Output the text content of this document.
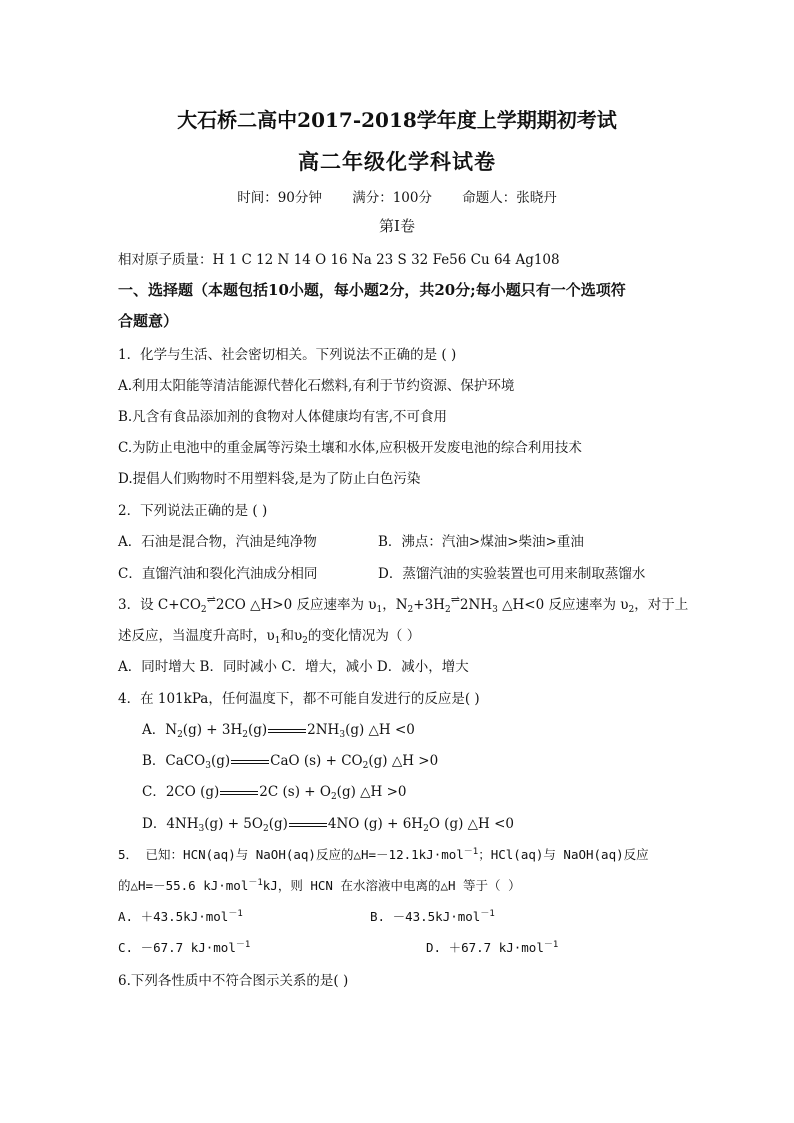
大石桥二高中2017-2018学年度上学期期初考试
高二年级化学科试卷
时间：90分钟 满分：100分 命题人：张晓丹
第Ⅰ卷
相对原子质量：H 1 C 12 N 14 O 16 Na 23 S 32 Fe56 Cu 64 Ag108
一、选择题（本题包括10小题，每小题2分，共20分;每小题只有一个选项符
合题意）
1．化学与生活、社会密切相关。下列说法不正确的是 ( )
A.利用太阳能等清洁能源代替化石燃料,有利于节约资源、保护环境
B.凡含有食品添加剂的食物对人体健康均有害,不可食用
C.为防止电池中的重金属等污染土壤和水体,应积极开发废电池的综合利用技术
D.提倡人们购物时不用塑料袋,是为了防止白色污染
2．下列说法正确的是 ( )
A．石油是混合物，汽油是纯净物	B．沸点：汽油>煤油>柴油>重油
C．直馏汽油和裂化汽油成分相同	D．蒸馏汽油的实验装置也可用来制取蒸馏水
3．设 $C+CO_2^\rightleftharpoons 2CO$ △H>0 反应速率为 $\upsilon_1$，$N_2+3H_2^\rightleftharpoons 2NH_3$ △H<0 反应速率为 $\upsilon_2$，对于上
述反应，当温度升高时，$\upsilon_1$和$\upsilon_2$的变化情况为（ ）
A．同时增大 B．同时减小 C．增大，减小 D．减小，增大
4．在 101kPa，任何温度下，都不可能自发进行的反应是( )
A．$N_2(g) + 3H_2(g)$	$2NH_3(g)$ △H <0
B．CaCO$_3$(g)	CaO $(s) + CO_2(g)$ △H >0
C．2CO (g)	2C $(s) + O_2(g)$ △H >0
D．$4NH_3(g) + 5O_2(g)$	4NO $(g) + 6H_2O$ (g) △H <0
5． 已知：HCN(aq)与 NaOH(aq)反应的△H=－12.1kJ·mol$^{-1}$；HCl(aq)与 NaOH(aq)反应
的△H=－55.6 kJ·mol$^{-1}$kJ，则 HCN 在水溶液中电离的△H 等于（ ）
A. ＋43.5kJ·mol$^{-1}$	B. －43.5kJ·mol$^{-1}$
C. －67.7 kJ·mol$^{-1}$	D. ＋67.7 kJ·mol$^{-1}$
6.下列各性质中不符合图示关系的是( )
